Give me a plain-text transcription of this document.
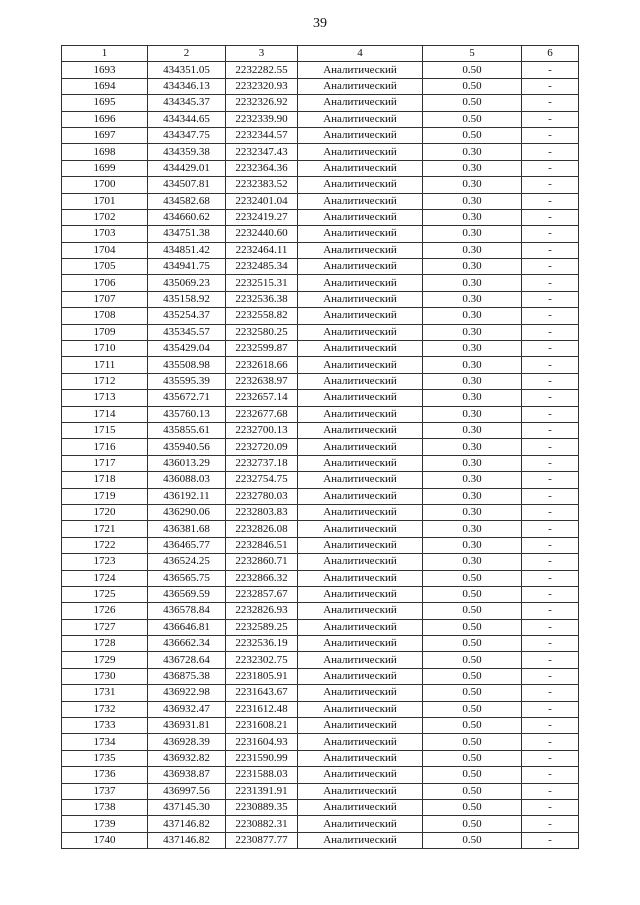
39
1	2	3	4	5	6
1693	434351.05	2232282.55	Аналитический	0.50	-
1694	434346.13	2232320.93	Аналитический	0.50	-
1695	434345.37	2232326.92	Аналитический	0.50	-
1696	434344.65	2232339.90	Аналитический	0.50	-
1697	434347.75	2232344.57	Аналитический	0.50	-
1698	434359.38	2232347.43	Аналитический	0.30	-
1699	434429.01	2232364.36	Аналитический	0.30	-
1700	434507.81	2232383.52	Аналитический	0.30	-
1701	434582.68	2232401.04	Аналитический	0.30	-
1702	434660.62	2232419.27	Аналитический	0.30	-
1703	434751.38	2232440.60	Аналитический	0.30	-
1704	434851.42	2232464.11	Аналитический	0.30	-
1705	434941.75	2232485.34	Аналитический	0.30	-
1706	435069.23	2232515.31	Аналитический	0.30	-
1707	435158.92	2232536.38	Аналитический	0.30	-
1708	435254.37	2232558.82	Аналитический	0.30	-
1709	435345.57	2232580.25	Аналитический	0.30	-
1710	435429.04	2232599.87	Аналитический	0.30	-
1711	435508.98	2232618.66	Аналитический	0.30	-
1712	435595.39	2232638.97	Аналитический	0.30	-
1713	435672.71	2232657.14	Аналитический	0.30	-
1714	435760.13	2232677.68	Аналитический	0.30	-
1715	435855.61	2232700.13	Аналитический	0.30	-
1716	435940.56	2232720.09	Аналитический	0.30	-
1717	436013.29	2232737.18	Аналитический	0.30	-
1718	436088.03	2232754.75	Аналитический	0.30	-
1719	436192.11	2232780.03	Аналитический	0.30	-
1720	436290.06	2232803.83	Аналитический	0.30	-
1721	436381.68	2232826.08	Аналитический	0.30	-
1722	436465.77	2232846.51	Аналитический	0.30	-
1723	436524.25	2232860.71	Аналитический	0.30	-
1724	436565.75	2232866.32	Аналитический	0.50	-
1725	436569.59	2232857.67	Аналитический	0.50	-
1726	436578.84	2232826.93	Аналитический	0.50	-
1727	436646.81	2232589.25	Аналитический	0.50	-
1728	436662.34	2232536.19	Аналитический	0.50	-
1729	436728.64	2232302.75	Аналитический	0.50	-
1730	436875.38	2231805.91	Аналитический	0.50	-
1731	436922.98	2231643.67	Аналитический	0.50	-
1732	436932.47	2231612.48	Аналитический	0.50	-
1733	436931.81	2231608.21	Аналитический	0.50	-
1734	436928.39	2231604.93	Аналитический	0.50	-
1735	436932.82	2231590.99	Аналитический	0.50	-
1736	436938.87	2231588.03	Аналитический	0.50	-
1737	436997.56	2231391.91	Аналитический	0.50	-
1738	437145.30	2230889.35	Аналитический	0.50	-
1739	437146.82	2230882.31	Аналитический	0.50	-
1740	437146.82	2230877.77	Аналитический	0.50	-
